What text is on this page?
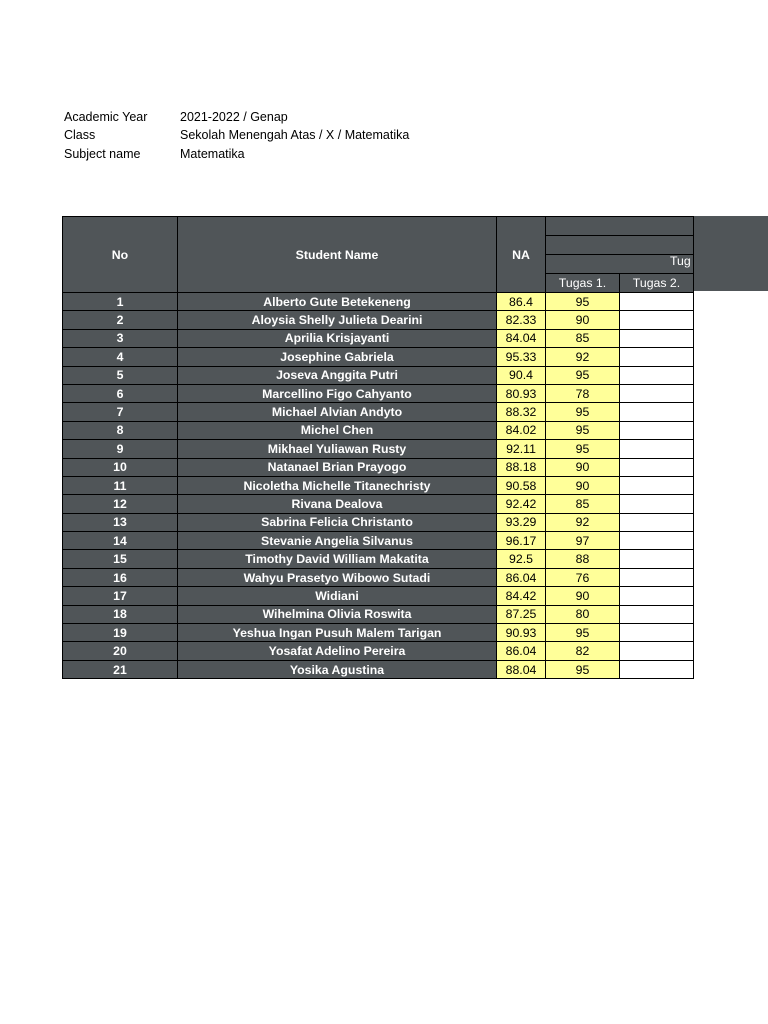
Academic Year	2021-2022 / Genap
Class	Sekolah Menengah Atas / X / Matematika
Subject name	Matematika
No	Student Name	NA		

			Tugas 1.	Tugas 2.
1	Alberto Gute Betekeneng	86.4	95	
2	Aloysia Shelly Julieta Dearini	82.33	90	
3	Aprilia Krisjayanti	84.04	85	
4	Josephine Gabriela	95.33	92	
5	Joseva Anggita Putri	90.4	95	
6	Marcellino Figo Cahyanto	80.93	78	
7	Michael Alvian Andyto	88.32	95	
8	Michel Chen	84.02	95	
9	Mikhael Yuliawan Rusty	92.11	95	
10	Natanael Brian Prayogo	88.18	90	
11	Nicoletha Michelle Titanechristy	90.58	90	
12	Rivana Dealova	92.42	85	
13	Sabrina Felicia Christanto	93.29	92	
14	Stevanie Angelia Silvanus	96.17	97	
15	Timothy David William Makatita	92.5	88	
16	Wahyu Prasetyo Wibowo Sutadi	86.04	76	
17	Widiani	84.42	90	
18	Wihelmina Olivia Roswita	87.25	80	
19	Yeshua Ingan Pusuh Malem Tarigan	90.93	95	
20	Yosafat Adelino Pereira	86.04	82	
21	Yosika Agustina	88.04	95	
Tug
